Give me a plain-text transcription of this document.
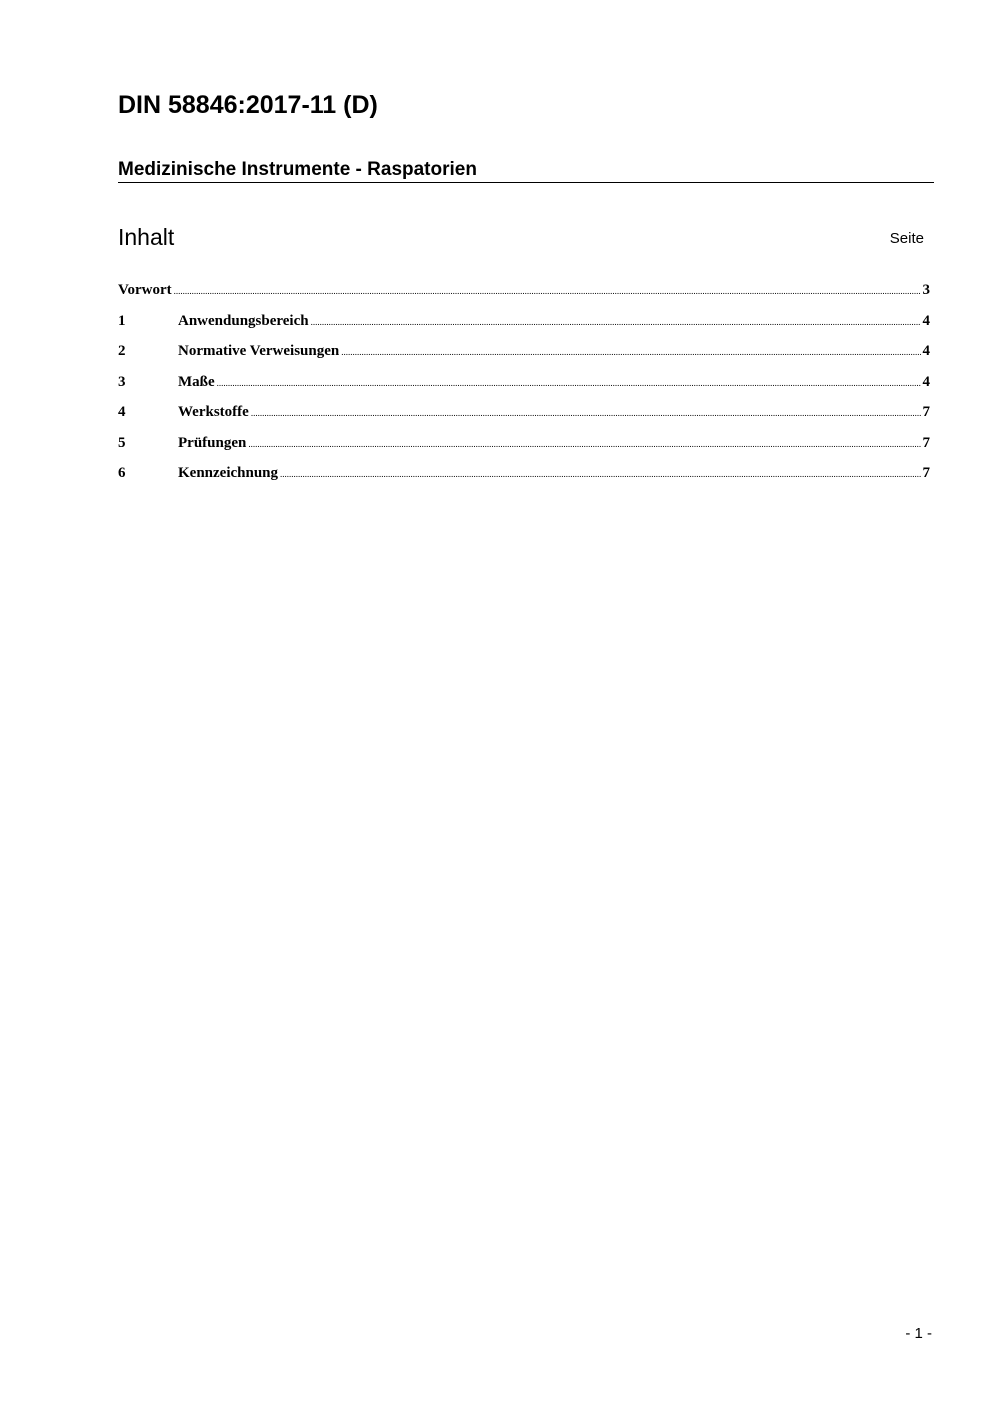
DIN 58846:2017-11 (D)
Medizinische Instrumente - Raspatorien
Inhalt	Seite
Vorwort .....	3
1	Anwendungsbereich .....	4
2	Normative Verweisungen .....	4
3	Maße .....	4
4	Werkstoffe .....	7
5	Prüfungen .....	7
6	Kennzeichnung .....	7
- 1 -
